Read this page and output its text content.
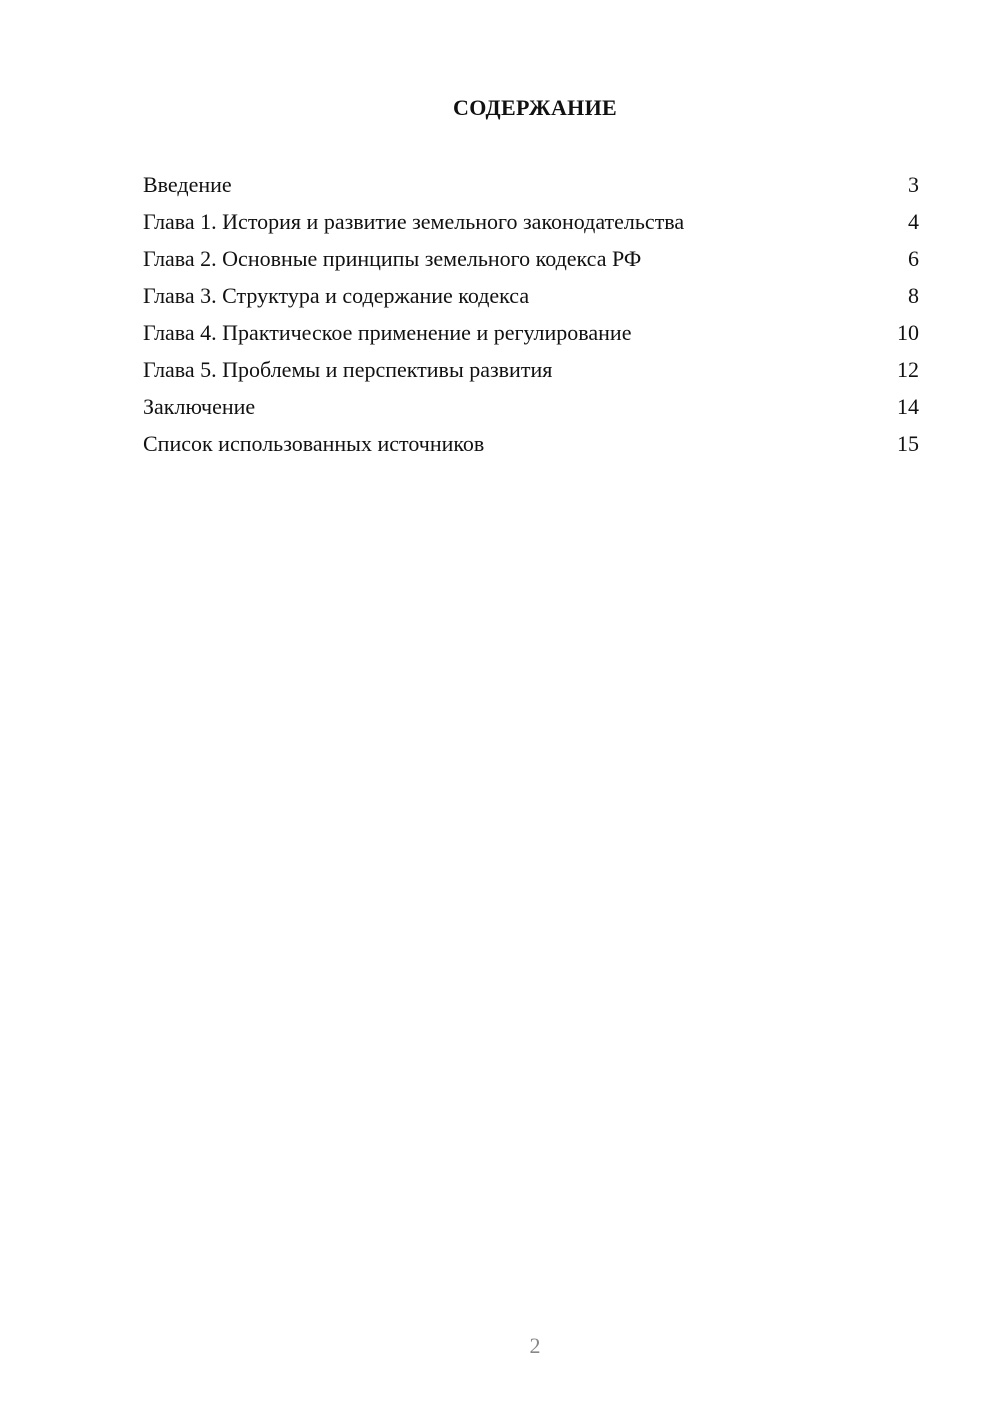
СОДЕРЖАНИЕ
Введение	3
Глава 1. История и развитие земельного законодательства	4
Глава 2. Основные принципы земельного кодекса РФ	6
Глава 3. Структура и содержание кодекса	8
Глава 4. Практическое применение и регулирование	10
Глава 5. Проблемы и перспективы развития	12
Заключение	14
Список использованных источников	15
2
